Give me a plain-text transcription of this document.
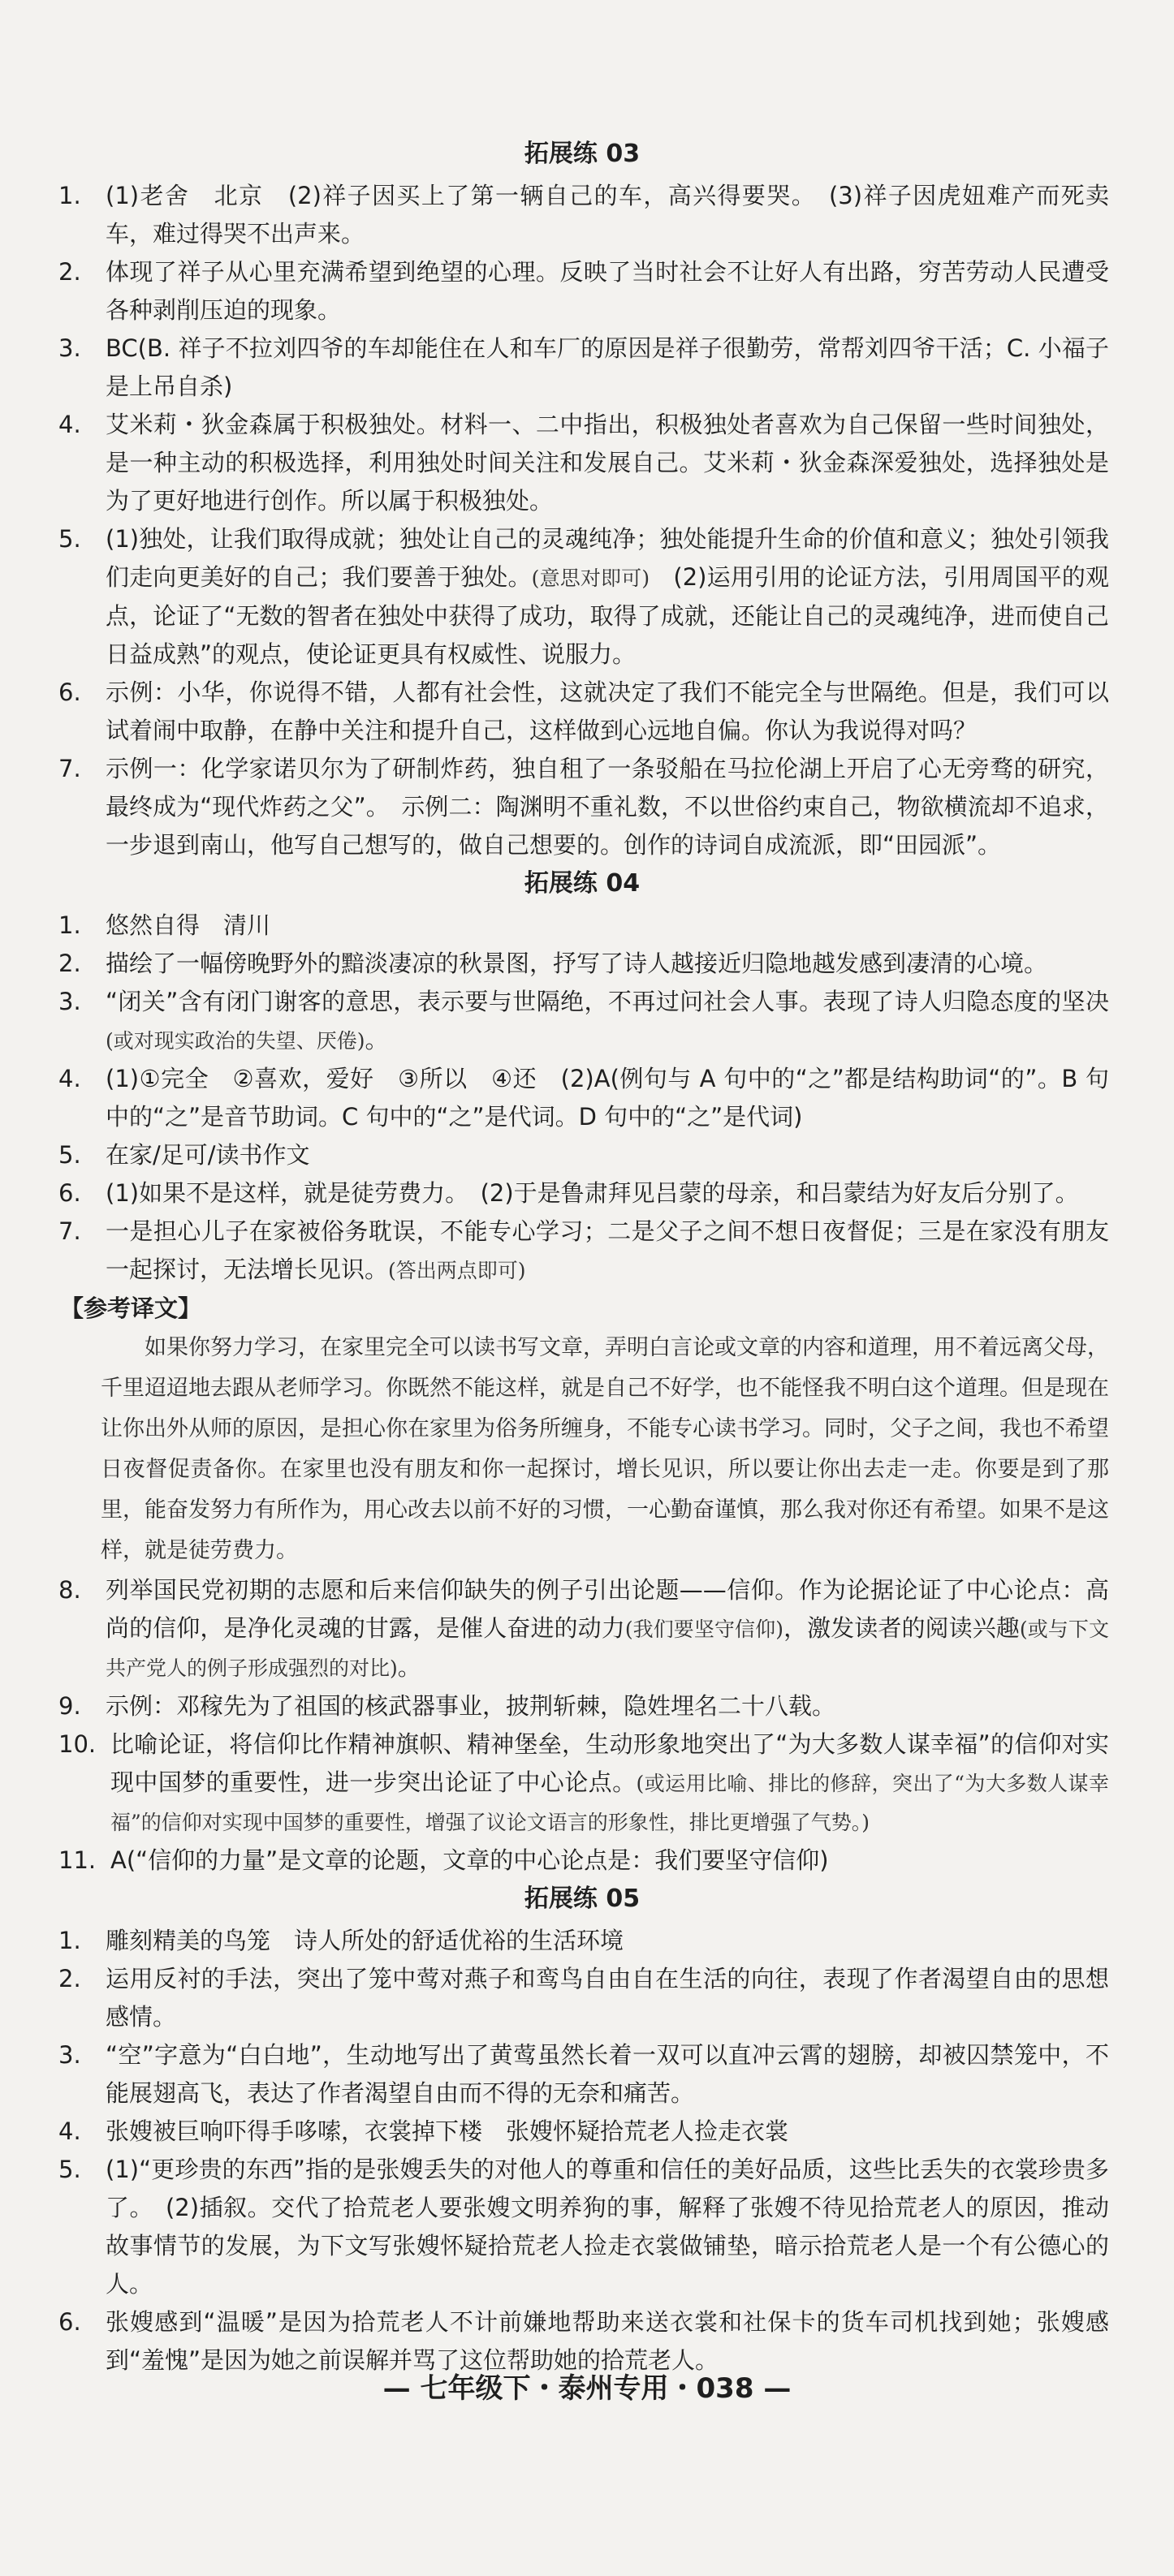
拓展练 03
1.	(1)老舍　北京　(2)祥子因买上了第一辆自己的车，高兴得要哭。　(3)祥子因虎妞难产而死卖车，难过得哭不出声来。
2.	体现了祥子从心里充满希望到绝望的心理。反映了当时社会不让好人有出路，穷苦劳动人民遭受各种剥削压迫的现象。
3.	BC(B. 祥子不拉刘四爷的车却能住在人和车厂的原因是祥子很勤劳，常帮刘四爷干活；C. 小福子是上吊自杀)
4.	艾米莉・狄金森属于积极独处。材料一、二中指出，积极独处者喜欢为自己保留一些时间独处，是一种主动的积极选择，利用独处时间关注和发展自己。艾米莉・狄金森深爱独处，选择独处是为了更好地进行创作。所以属于积极独处。
5.	(1)独处，让我们取得成就；独处让自己的灵魂纯净；独处能提升生命的价值和意义；独处引领我们走向更美好的自己；我们要善于独处。(意思对即可)　(2)运用引用的论证方法，引用周国平的观点，论证了“无数的智者在独处中获得了成功，取得了成就，还能让自己的灵魂纯净，进而使自己日益成熟”的观点，使论证更具有权威性、说服力。
6.	示例：小华，你说得不错，人都有社会性，这就决定了我们不能完全与世隔绝。但是，我们可以试着闹中取静，在静中关注和提升自己，这样做到心远地自偏。你认为我说得对吗？
7.	示例一：化学家诺贝尔为了研制炸药，独自租了一条驳船在马拉伦湖上开启了心无旁骛的研究，最终成为“现代炸药之父”。　示例二：陶渊明不重礼数，不以世俗约束自己，物欲横流却不追求，一步退到南山，他写自己想写的，做自己想要的。创作的诗词自成流派，即“田园派”。
拓展练 04
1.	悠然自得　清川
2.	描绘了一幅傍晚野外的黯淡凄凉的秋景图，抒写了诗人越接近归隐地越发感到凄清的心境。
3.	“闭关”含有闭门谢客的意思，表示要与世隔绝，不再过问社会人事。表现了诗人归隐态度的坚决(或对现实政治的失望、厌倦)。
4.	(1)①完全　②喜欢，爱好　③所以　④还　(2)A(例句与 A 句中的“之”都是结构助词“的”。B 句中的“之”是音节助词。C 句中的“之”是代词。D 句中的“之”是代词)
5.	在家/足可/读书作文
6.	(1)如果不是这样，就是徒劳费力。　(2)于是鲁肃拜见吕蒙的母亲，和吕蒙结为好友后分别了。
7.	一是担心儿子在家被俗务耽误，不能专心学习；二是父子之间不想日夜督促；三是在家没有朋友一起探讨，无法增长见识。(答出两点即可)
【参考译文】
如果你努力学习，在家里完全可以读书写文章，弄明白言论或文章的内容和道理，用不着远离父母，千里迢迢地去跟从老师学习。你既然不能这样，就是自己不好学，也不能怪我不明白这个道理。但是现在让你出外从师的原因，是担心你在家里为俗务所缠身，不能专心读书学习。同时，父子之间，我也不希望日夜督促责备你。在家里也没有朋友和你一起探讨，增长见识，所以要让你出去走一走。你要是到了那里，能奋发努力有所作为，用心改去以前不好的习惯，一心勤奋谨慎，那么我对你还有希望。如果不是这样，就是徒劳费力。
8.	列举国民党初期的志愿和后来信仰缺失的例子引出论题——信仰。作为论据论证了中心论点：高尚的信仰，是净化灵魂的甘露，是催人奋进的动力(我们要坚守信仰)，激发读者的阅读兴趣(或与下文共产党人的例子形成强烈的对比)。
9.	示例：邓稼先为了祖国的核武器事业，披荆斩棘，隐姓埋名二十八载。
10. 比喻论证，将信仰比作精神旗帜、精神堡垒，生动形象地突出了“为大多数人谋幸福”的信仰对实现中国梦的重要性，进一步突出论证了中心论点。(或运用比喻、排比的修辞，突出了“为大多数人谋幸福”的信仰对实现中国梦的重要性，增强了议论文语言的形象性，排比更增强了气势。)
11. A(“信仰的力量”是文章的论题，文章的中心论点是：我们要坚守信仰)
拓展练 05
1.	雕刻精美的鸟笼　诗人所处的舒适优裕的生活环境
2.	运用反衬的手法，突出了笼中莺对燕子和鸾鸟自由自在生活的向往，表现了作者渴望自由的思想感情。
3.	“空”字意为“白白地”，生动地写出了黄莺虽然长着一双可以直冲云霄的翅膀，却被囚禁笼中，不能展翅高飞，表达了作者渴望自由而不得的无奈和痛苦。
4.	张嫂被巨响吓得手哆嗦，衣裳掉下楼　张嫂怀疑拾荒老人捡走衣裳
5.	(1)“更珍贵的东西”指的是张嫂丢失的对他人的尊重和信任的美好品质，这些比丢失的衣裳珍贵多了。　(2)插叙。交代了拾荒老人要张嫂文明养狗的事，解释了张嫂不待见拾荒老人的原因，推动故事情节的发展，为下文写张嫂怀疑拾荒老人捡走衣裳做铺垫，暗示拾荒老人是一个有公德心的人。
6.	张嫂感到“温暖”是因为拾荒老人不计前嫌地帮助来送衣裳和社保卡的货车司机找到她；张嫂感到“羞愧”是因为她之前误解并骂了这位帮助她的拾荒老人。
— 七年级下・泰州专用・038 —
